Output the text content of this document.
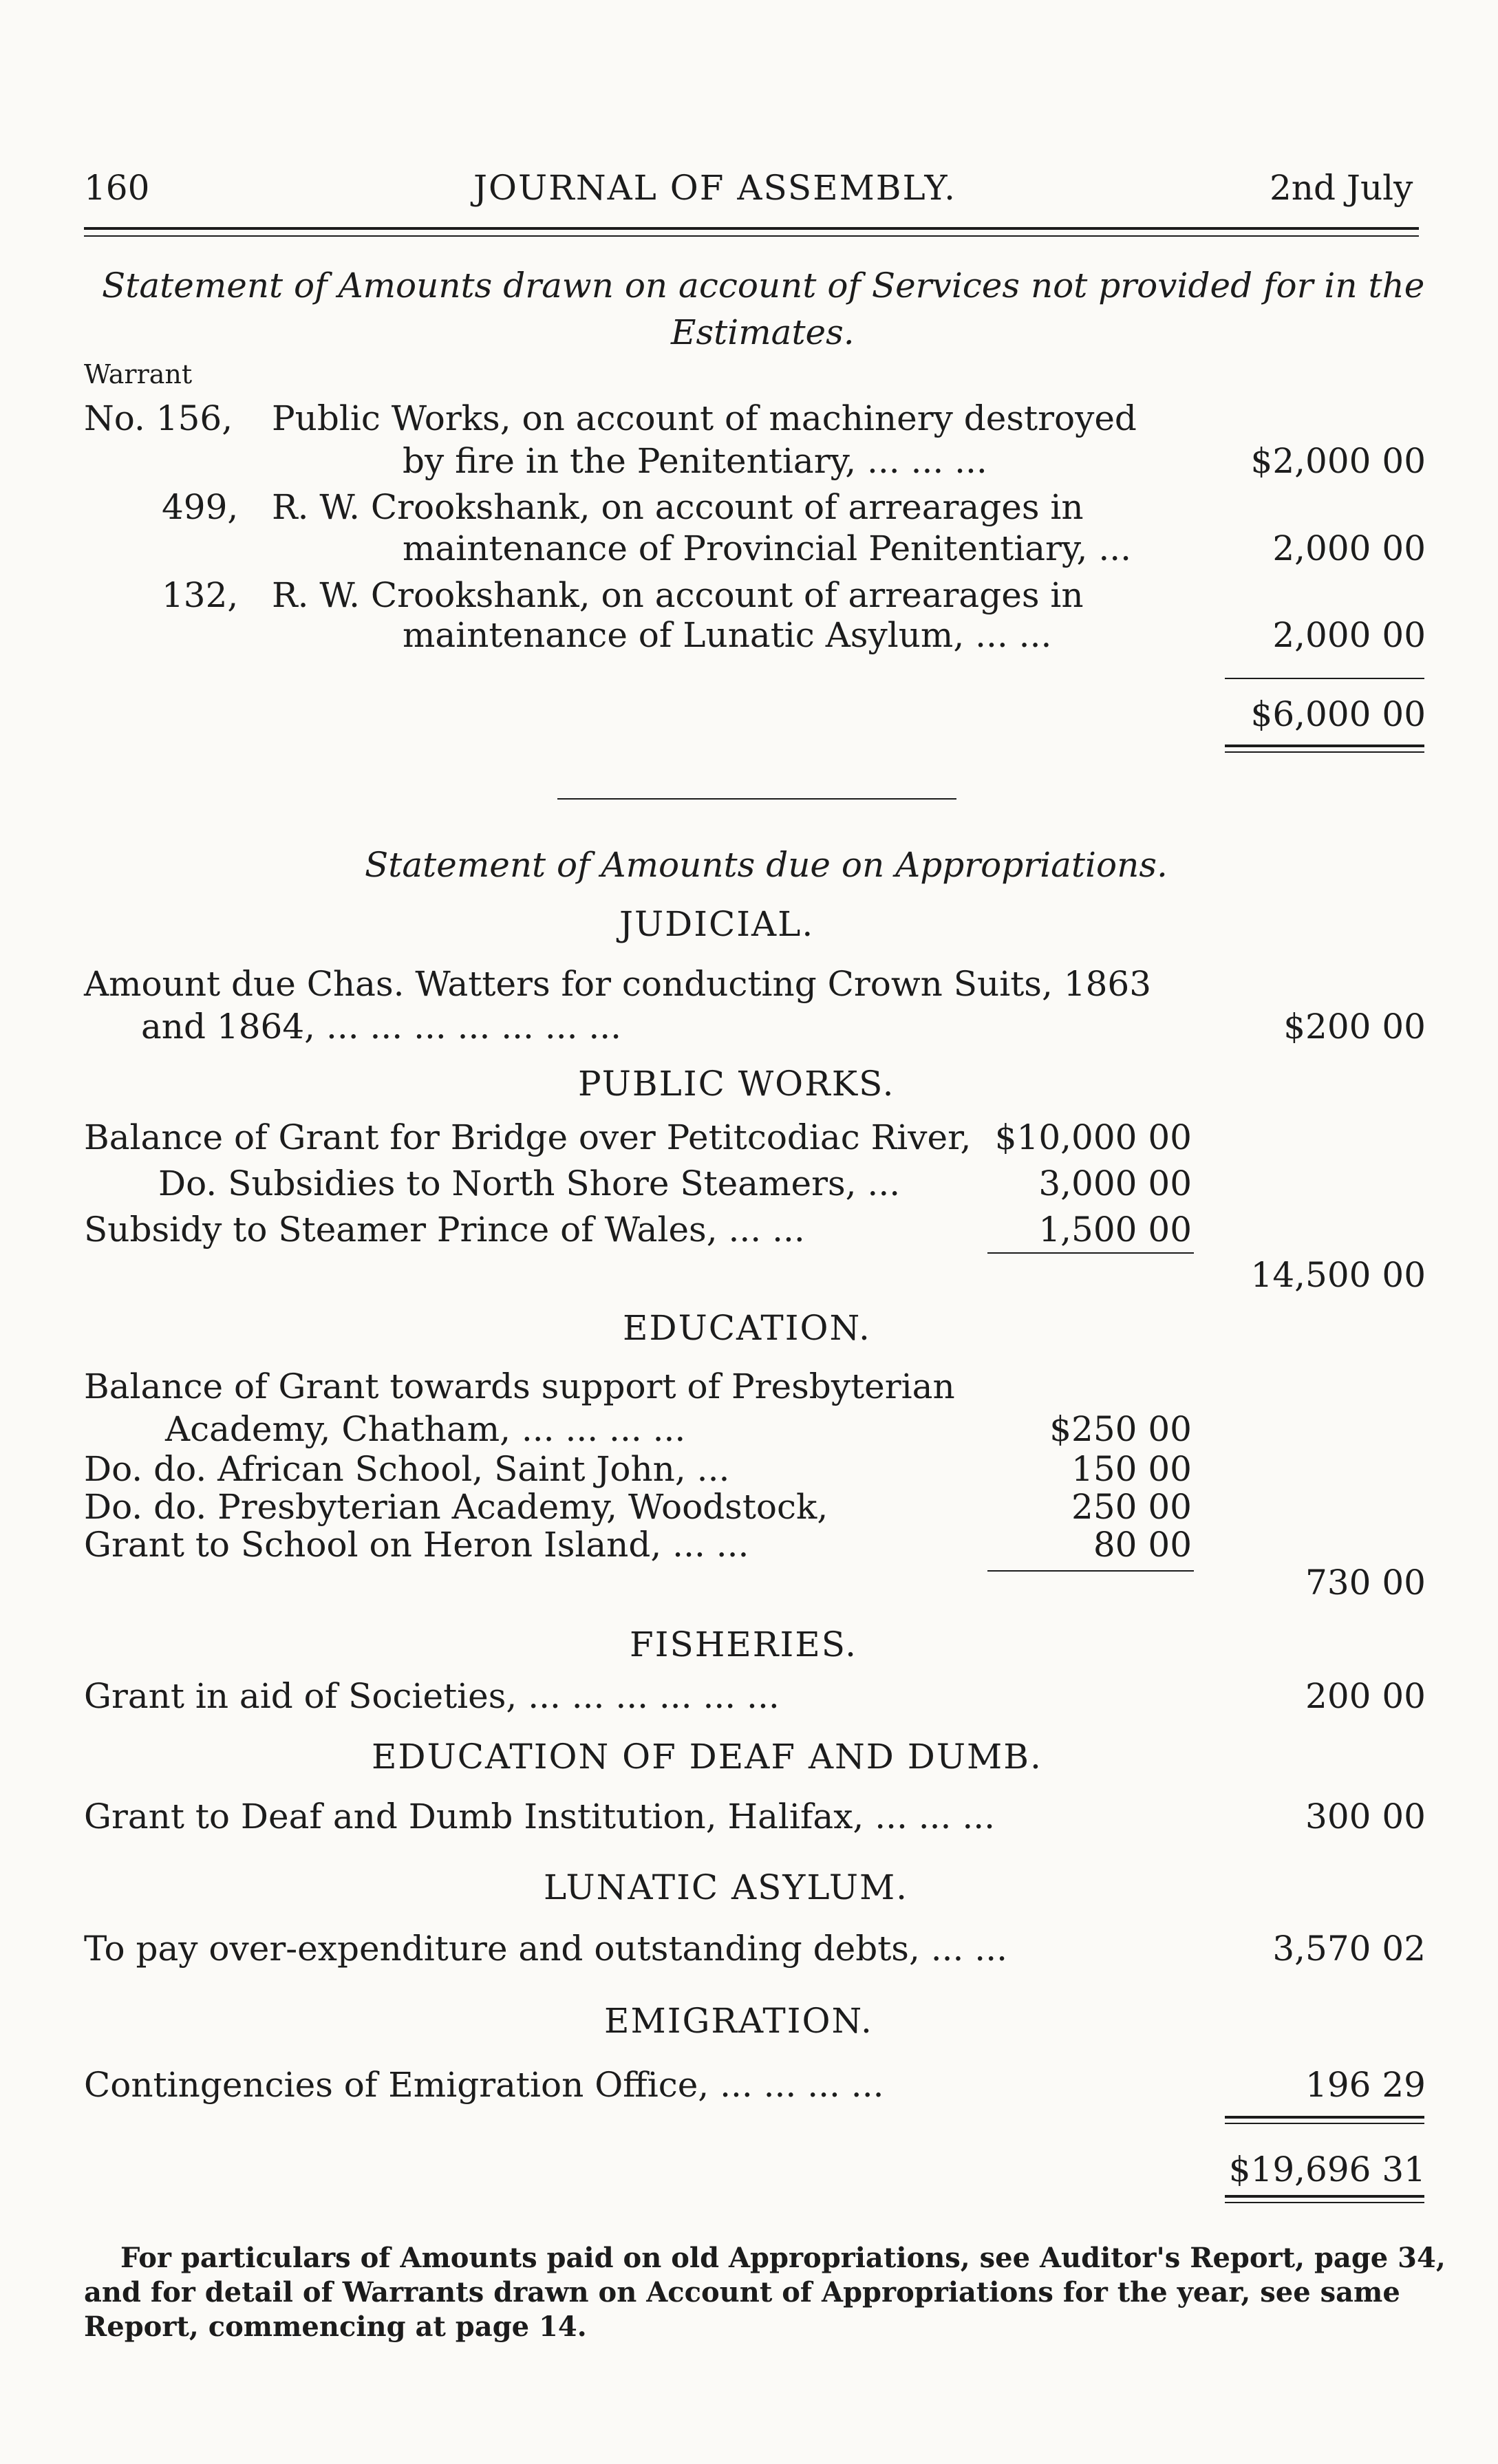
160	JOURNAL OF ASSEMBLY.	2nd July
Statement of Amounts drawn on account of Services not provided for in the
Estimates.
Warrant
No. 156, Public Works, on account of machinery destroyed
by fire in the Penitentiary, ... ... ...	$2,000 00
499, R. W. Crookshank, on account of arrearages in
maintenance of Provincial Penitentiary, ...	2,000 00
132, R. W. Crookshank, on account of arrearages in
maintenance of Lunatic Asylum, ... ...	2,000 00
$6,000 00
Statement of Amounts due on Appropriations.
JUDICIAL.
Amount due Chas. Watters for conducting Crown Suits, 1863
and 1864, ... ... ... ... ... ... ...	$200 00
PUBLIC WORKS.
Balance of Grant for Bridge over Petitcodiac River, $10,000 00
Do. Subsidies to North Shore Steamers, ...	3,000 00
Subsidy to Steamer Prince of Wales, ... ...	1,500 00
14,500 00
EDUCATION.
Balance of Grant towards support of Presbyterian
Academy, Chatham, ... ... ... ...	$250 00
Do. do. African School, Saint John, ...	150 00
Do. do. Presbyterian Academy, Woodstock,	250 00
Grant to School on Heron Island, ... ...	80 00
730 00
FISHERIES.
Grant in aid of Societies, ... ... ... ... ... ...	200 00
EDUCATION OF DEAF AND DUMB.
Grant to Deaf and Dumb Institution, Halifax, ... ... ...	300 00
LUNATIC ASYLUM.
To pay over-expenditure and outstanding debts, ... ...	3,570 02
EMIGRATION.
Contingencies of Emigration Office, ... ... ... ...	196 29
$19,696 31
For particulars of Amounts paid on old Appropriations, see Auditor's Report, page 34,
and for detail of Warrants drawn on Account of Appropriations for the year, see same
Report, commencing at page 14.
